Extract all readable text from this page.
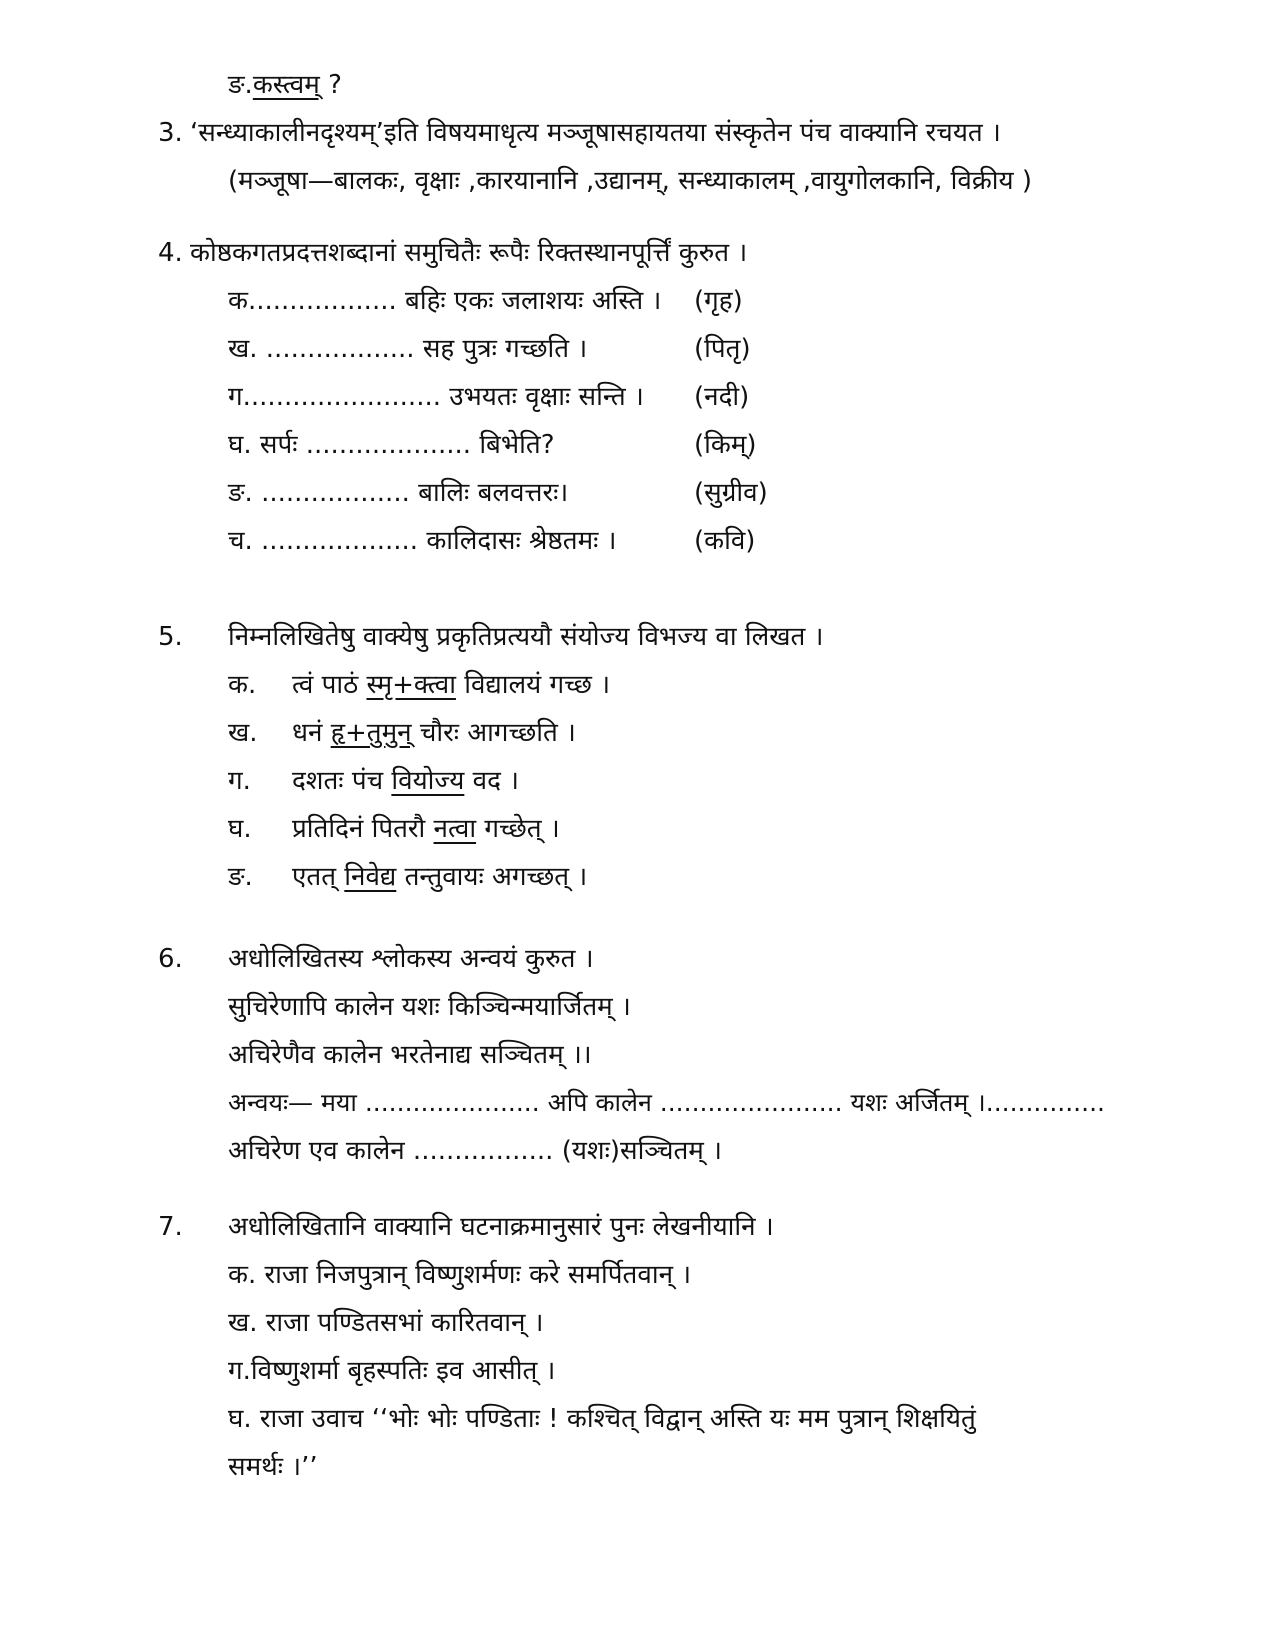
ङ.कस्त्वम् ?
3. ‘सन्ध्याकालीनदृश्यम्’इति विषयमाधृत्य मञ्जूषासहायतया संस्कृतेन पंच वाक्यानि रचयत ।
(मञ्जूषा—बालकः, वृक्षाः ,कारयानानि ,उद्यानम्, सन्ध्याकालम् ,वायुगोलकानि, विक्रीय )
4. कोष्ठकगतप्रदत्तशब्दानां समुचितैः रूपैः रिक्तस्थानपूर्त्तिं कुरुत ।
क.................. बहिः एकः जलाशयः अस्ति । (गृह)
ख. .................. सह पुत्रः गच्छति ।	(पितृ)
ग........................ उभयतः वृक्षाः सन्ति । (नदी)
घ. सर्पः .................... बिभेति?	(किम्)
ङ. .................. बालिः बलवत्तरः।	(सुग्रीव)
च. ................... कालिदासः श्रेष्ठतमः ।	(कवि)
5. निम्नलिखितेषु वाक्येषु प्रकृतिप्रत्ययौ संयोज्य विभज्य वा लिखत ।
क. त्वं पाठं स्मृ+क्त्वा विद्यालयं गच्छ ।
ख. धनं हृ+तुमुन् चौरः आगच्छति ।
ग. दशतः पंच वियोज्य वद ।
घ. प्रतिदिनं पितरौ नत्वा गच्छेत् ।
ङ. एतत् निवेद्य तन्तुवायः अगच्छत् ।
6. अधोलिखितस्य श्लोकस्य अन्वयं कुरुत ।
सुचिरेणापि कालेन यशः किञ्चिन्मयार्जितम् ।
अचिरेणैव कालेन भरतेनाद्य सञ्चितम् ।।
अन्वयः— मया ...................... अपि कालेन ....................... यशः अर्जितम् ।...............
अचिरेण एव कालेन ................. (यशः)सञ्चितम् ।
7. अधोलिखितानि वाक्यानि घटनाक्रमानुसारं पुनः लेखनीयानि ।
क. राजा निजपुत्रान् विष्णुशर्मणः करे समर्पितवान् ।
ख. राजा पण्डितसभां कारितवान् ।
ग.विष्णुशर्मा बृहस्पतिः इव आसीत् ।
घ. राजा उवाच ‘‘भोः भोः पण्डिताः ! कश्चित् विद्वान् अस्ति यः मम पुत्रान् शिक्षयितुं
समर्थः ।’’
